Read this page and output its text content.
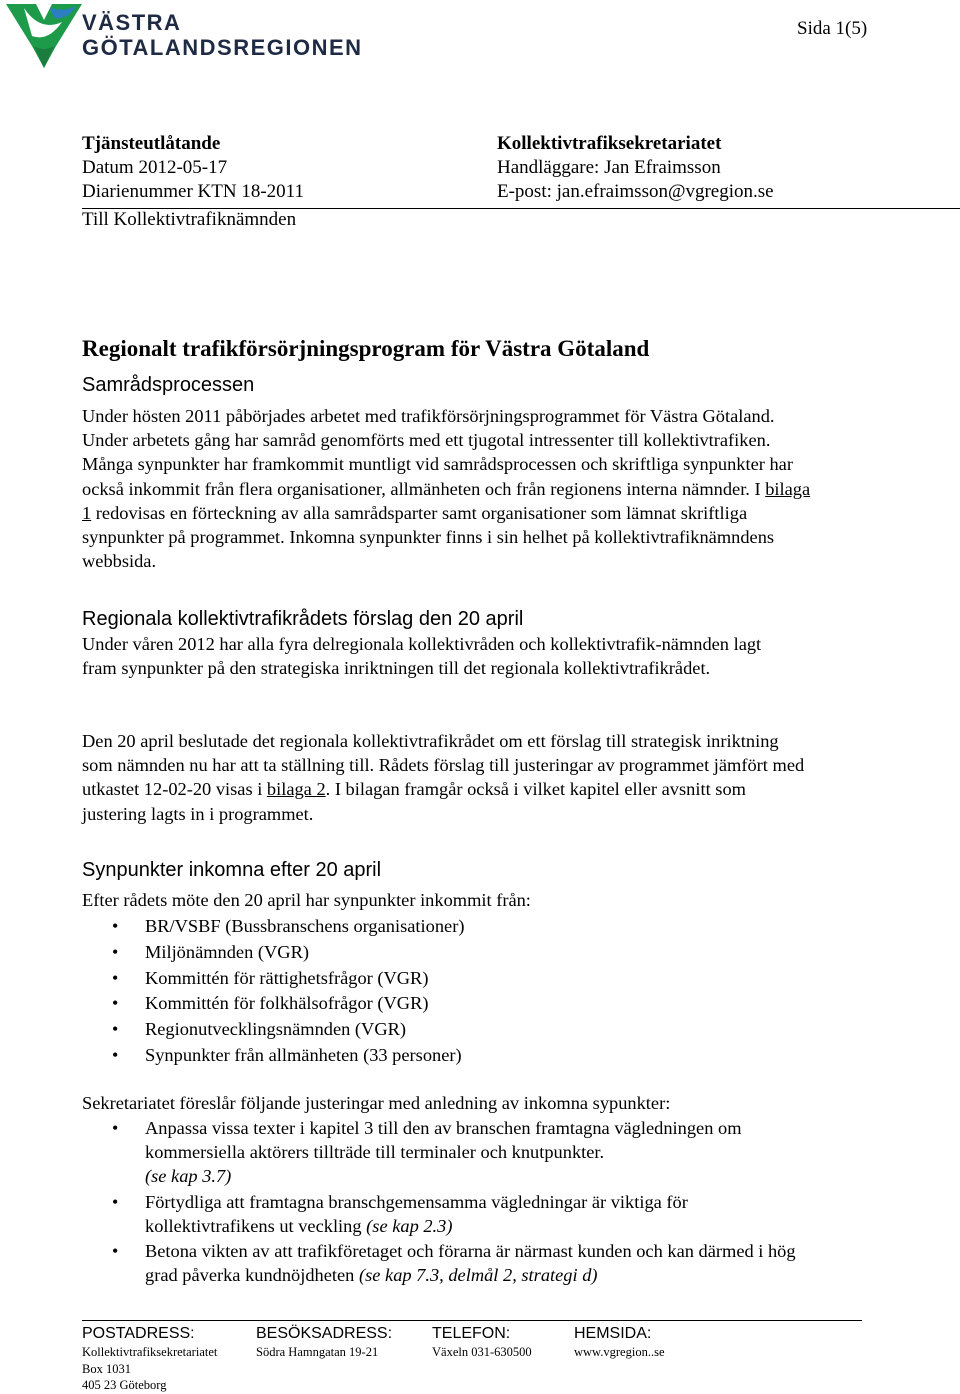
VÄSTRA
GÖTALANDSREGIONEN
Sida 1(5)
Tjänsteutlåtande
Datum 2012-05-17
Diarienummer KTN 18-2011
Till Kollektivtrafiknämnden
Kollektivtrafiksekretariatet
Handläggare: Jan Efraimsson
E-post: jan.efraimsson@vgregion.se
Regionalt trafikförsörjningsprogram för Västra Götaland
Samrådsprocessen
Under hösten 2011 påbörjades arbetet med trafikförsörjningsprogrammet för Västra Götaland. Under arbetets gång har samråd genomförts med ett tjugotal intressenter till kollektivtrafiken. Många synpunkter har framkommit muntligt vid samrådsprocessen och skriftliga synpunkter har också inkommit från flera organisationer, allmänheten och från regionens interna nämnder. I bilaga 1 redovisas en förteckning av alla samrådsparter samt organisationer som lämnat skriftliga synpunkter på programmet. Inkomna synpunkter finns i sin helhet på kollektivtrafiknämndens webbsida.
Regionala kollektivtrafikrådets förslag den 20 april
Under våren 2012 har alla fyra delregionala kollektivråden och kollektivtrafik-nämnden lagt fram synpunkter på den strategiska inriktningen till det regionala kollektivtrafikrådet.
Den 20 april beslutade det regionala kollektivtrafikrådet om ett förslag till strategisk inriktning som nämnden nu har att ta ställning till. Rådets förslag till justeringar av programmet jämfört med utkastet 12-02-20 visas i bilaga 2. I bilagan framgår också i vilket kapitel eller avsnitt som justering lagts in i programmet.
Synpunkter inkomna efter 20 april
Efter rådets möte den 20 april har synpunkter inkommit från:
• BR/VSBF (Bussbranschens organisationer)
• Miljönämnden (VGR)
• Kommittén för rättighetsfrågor (VGR)
• Kommittén för folkhälsofrågor (VGR)
• Regionutvecklingsnämnden (VGR)
• Synpunkter från allmänheten (33 personer)
Sekretariatet föreslår följande justeringar med anledning av inkomna sypunkter:
• Anpassa vissa texter i kapitel 3 till den av branschen framtagna vägledningen om kommersiella aktörers tillträde till terminaler och knutpunkter.
(se kap 3.7)
• Förtydliga att framtagna branschgemensamma vägledningar är viktiga för kollektivtrafikens ut veckling (se kap 2.3)
• Betona vikten av att trafikföretaget och förarna är närmast kunden och kan därmed i hög grad påverka kundnöjdheten (se kap 7.3, delmål 2, strategi d)
POSTADRESS:
Kollektivtrafiksekretariatet
Box 1031
405 23 Göteborg
BESÖKSADRESS:
Södra Hamngatan 19-21
TELEFON:
Växeln 031-630500
HEMSIDA:
www.vgregion..se
